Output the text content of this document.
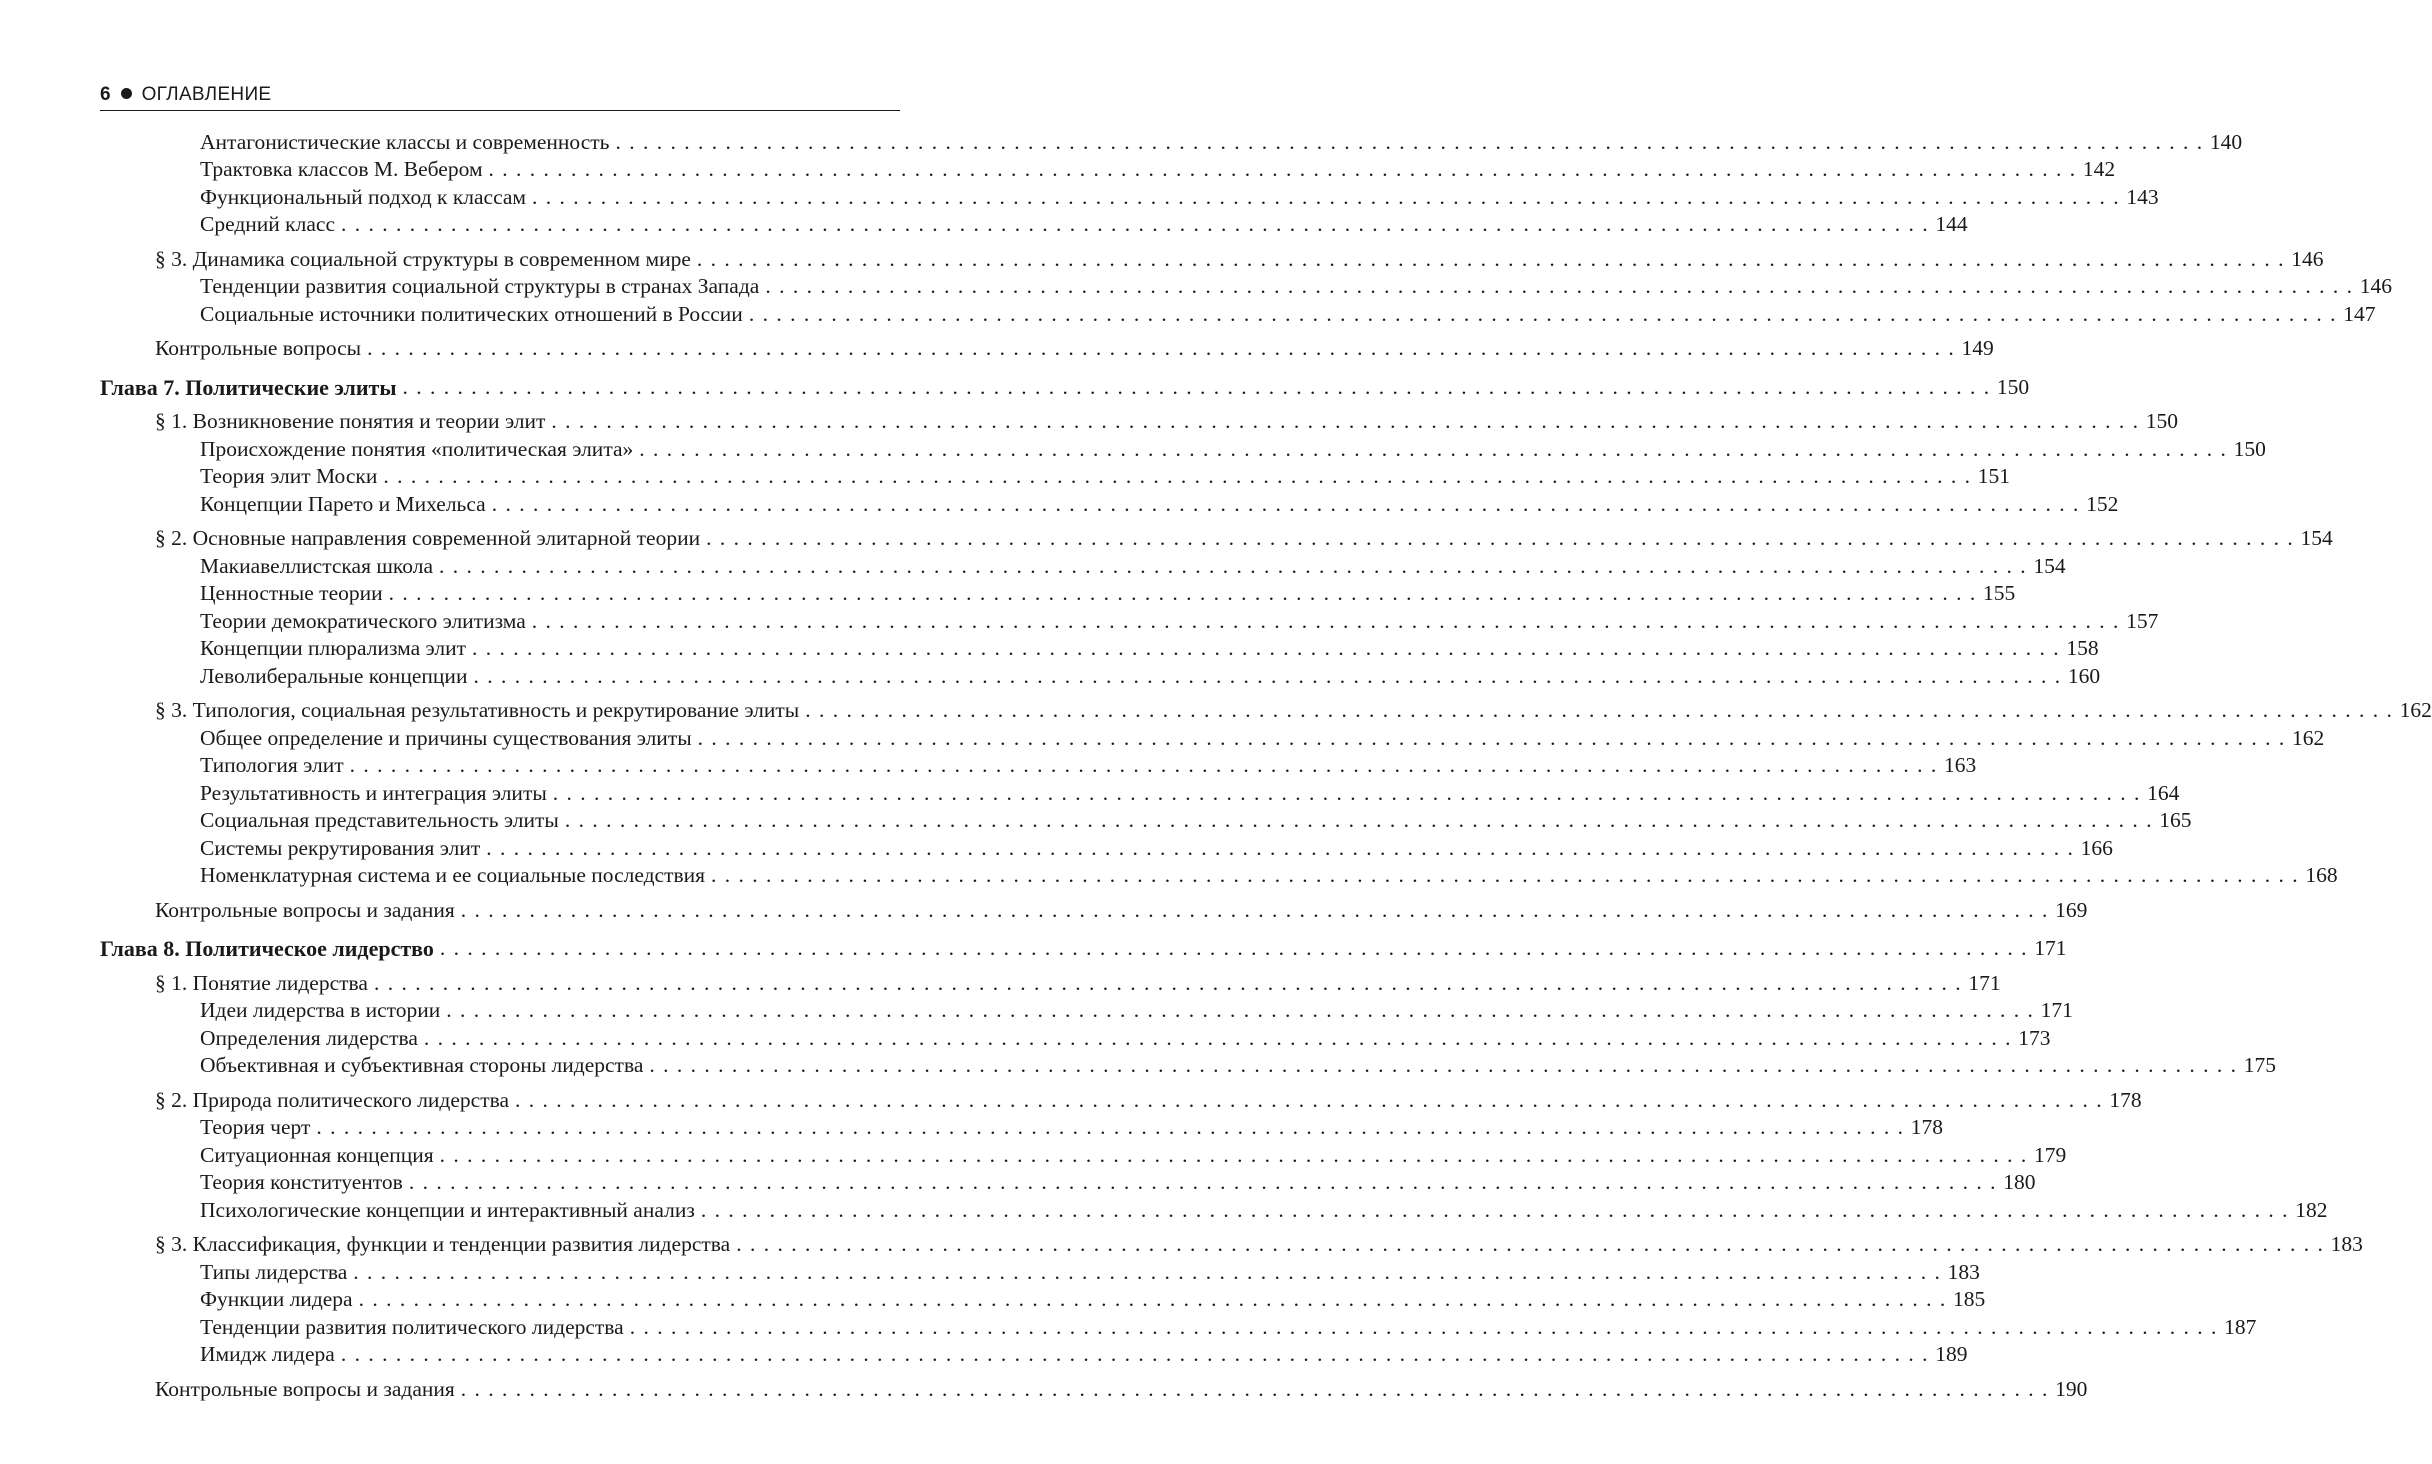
6 ОГЛАВЛЕНИЕ
Антагонистические классы и современность . . .	140
Трактовка классов М. Вебером . . .	142
Функциональный подход к классам . . .	143
Средний класс . . .	144
§ 3. Динамика социальной структуры в современном мире . . .	146
Тенденции развития социальной структуры в странах Запада . . .	146
Социальные источники политических отношений в России . . .	147
Контрольные вопросы . . .	149
Глава 7. Политические элиты . . .	150
§ 1. Возникновение понятия и теории элит . . .	150
Происхождение понятия «политическая элита» . . .	150
Теория элит Моски . . .	151
Концепции Парето и Михельса . . .	152
§ 2. Основные направления современной элитарной теории . . .	154
Макиавеллистская школа . . .	154
Ценностные теории . . .	155
Теории демократического элитизма . . .	157
Концепции плюрализма элит . . .	158
Леволиберальные концепции . . .	160
§ 3. Типология, социальная результативность и рекрутирование элиты . . .	162
Общее определение и причины существования элиты . . .	162
Типология элит . . .	163
Результативность и интеграция элиты . . .	164
Социальная представительность элиты . . .	165
Системы рекрутирования элит . . .	166
Номенклатурная система и ее социальные последствия . . .	168
Контрольные вопросы и задания . . .	169
Глава 8. Политическое лидерство . . .	171
§ 1. Понятие лидерства . . .	171
Идеи лидерства в истории . . .	171
Определения лидерства . . .	173
Объективная и субъективная стороны лидерства . . .	175
§ 2. Природа политического лидерства . . .	178
Теория черт . . .	178
Ситуационная концепция . . .	179
Теория конституентов . . .	180
Психологические концепции и интерактивный анализ . . .	182
§ 3. Классификация, функции и тенденции развития лидерства . . .	183
Типы лидерства . . .	183
Функции лидера . . .	185
Тенденции развития политического лидерства . . .	187
Имидж лидера . . .	189
Контрольные вопросы и задания . . .	190
